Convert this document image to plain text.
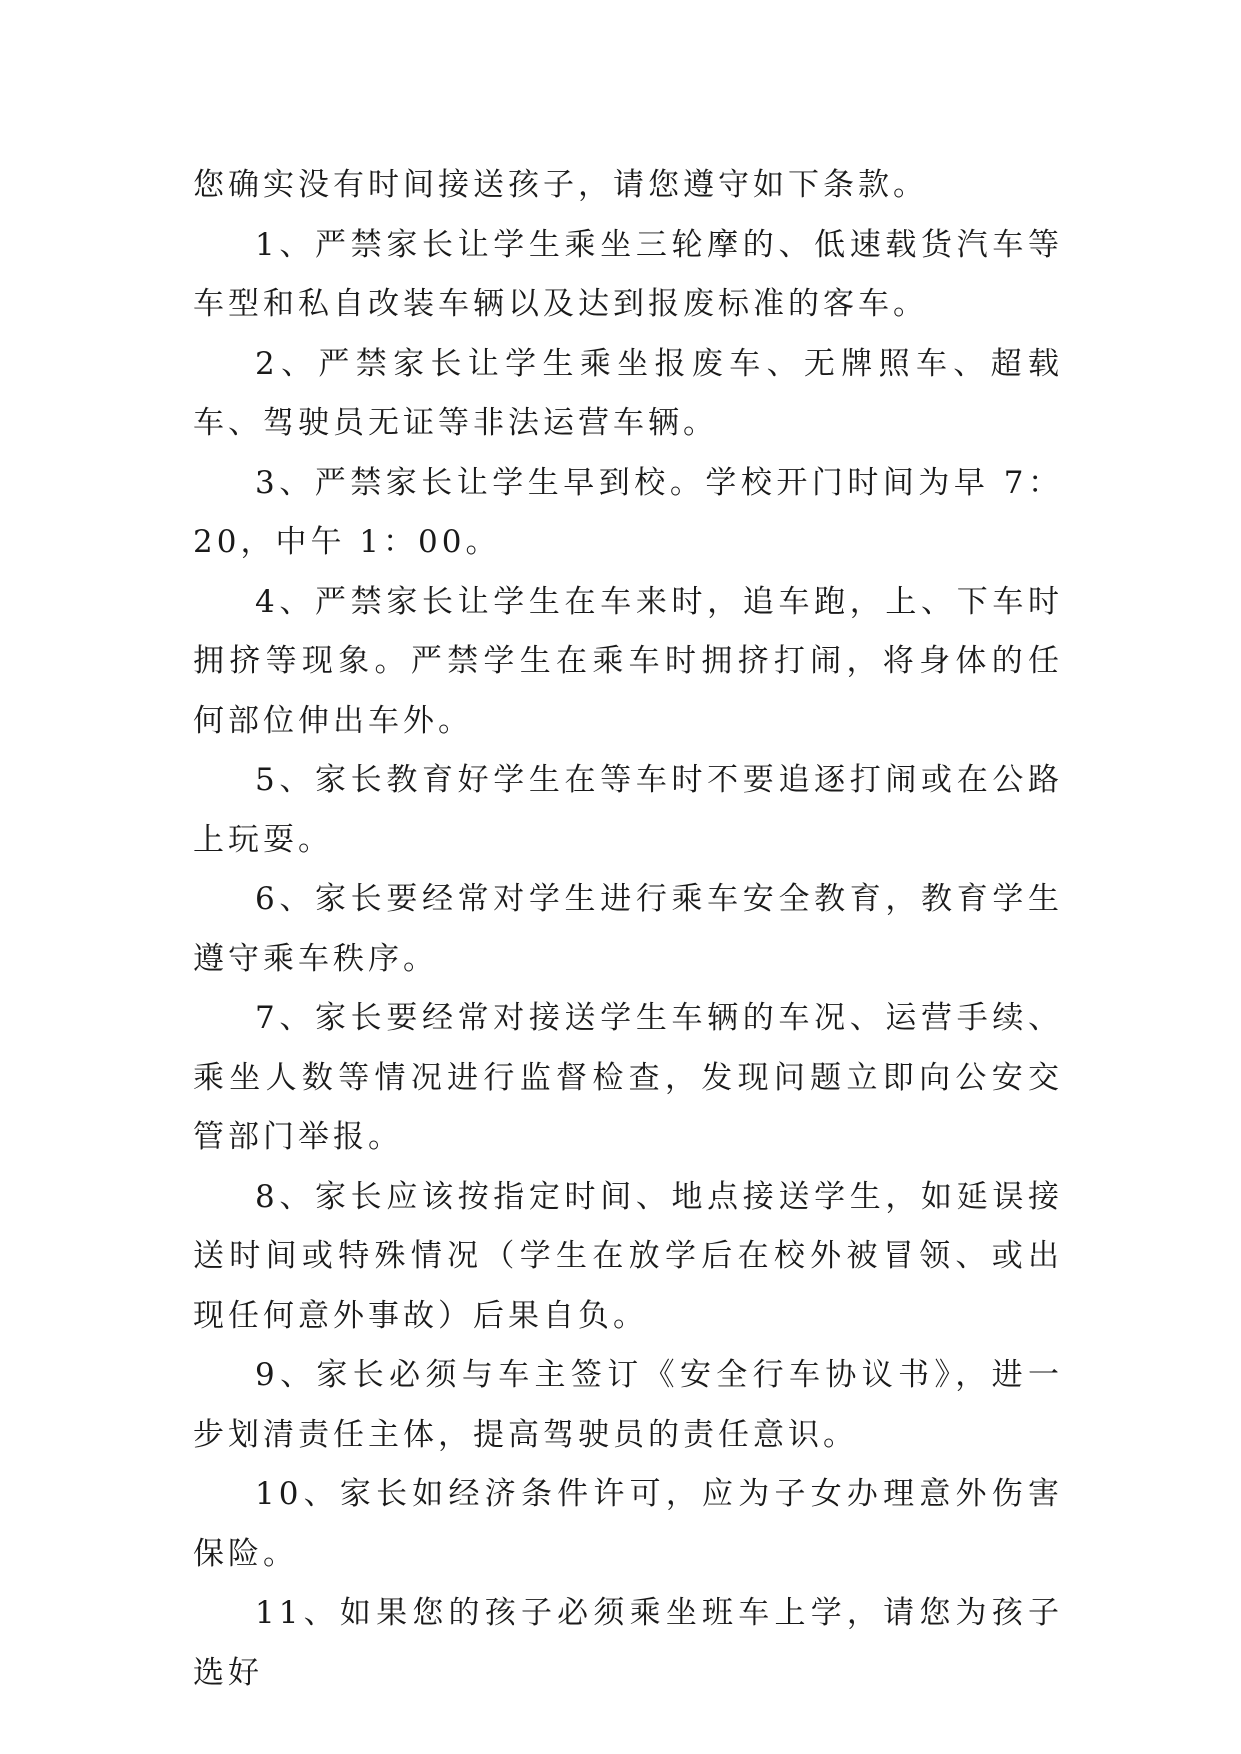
您确实没有时间接送孩子，请您遵守如下条款。

1、严禁家长让学生乘坐三轮摩的、低速载货汽车等车型和私自改装车辆以及达到报废标准的客车。

2、严禁家长让学生乘坐报废车、无牌照车、超载车、驾驶员无证等非法运营车辆。

3、严禁家长让学生早到校。学校开门时间为早 7：20，中午 1：00。

4、严禁家长让学生在车来时，追车跑，上、下车时拥挤等现象。严禁学生在乘车时拥挤打闹，将身体的任何部位伸出车外。

5、家长教育好学生在等车时不要追逐打闹或在公路上玩耍。

6、家长要经常对学生进行乘车安全教育，教育学生遵守乘车秩序。

7、家长要经常对接送学生车辆的车况、运营手续、乘坐人数等情况进行监督检查，发现问题立即向公安交管部门举报。

8、家长应该按指定时间、地点接送学生，如延误接送时间或特殊情况（学生在放学后在校外被冒领、或出现任何意外事故）后果自负。

9、家长必须与车主签订《安全行车协议书》，进一步划清责任主体，提高驾驶员的责任意识。

10、家长如经济条件许可，应为子女办理意外伤害保险。

11、如果您的孩子必须乘坐班车上学，请您为孩子选好
